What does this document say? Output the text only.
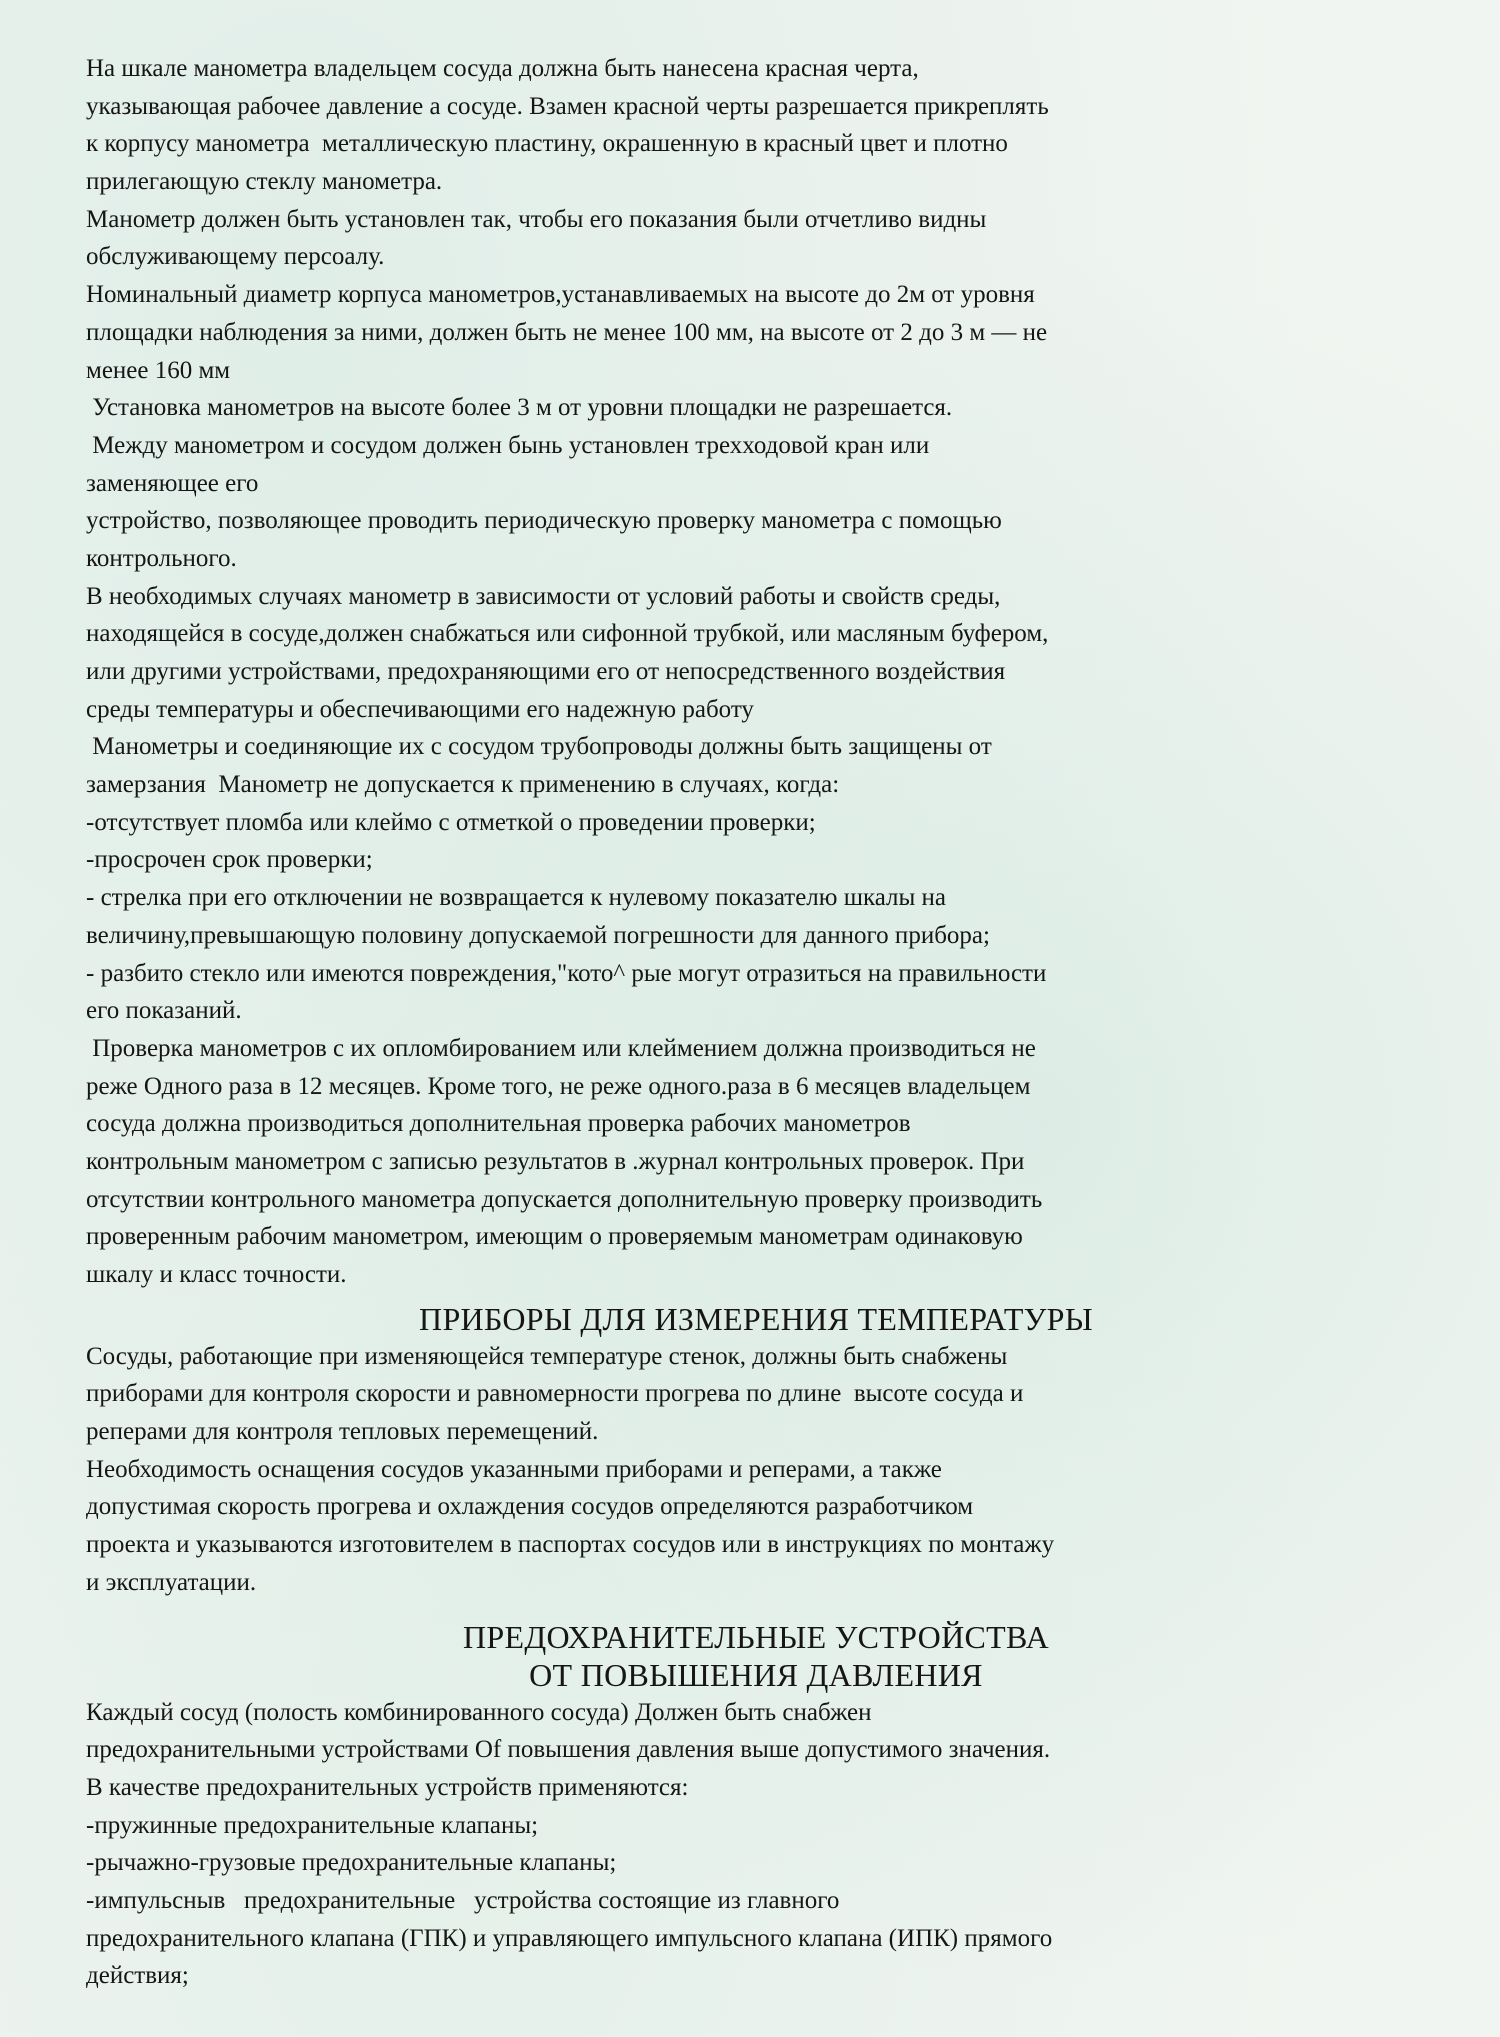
На шкале манометра владельцем сосуда должна быть нанесена красная черта,
указывающая рабочее давление а сосуде. Взамен красной черты разрешается прикреплять
к корпусу манометра  металлическую пластину, окрашенную в красный цвет и плотно
прилегающую стеклу манометра.
Манометр должен быть установлен так, чтобы его показания были отчетливо видны
обслуживающему персоалу.
Номинальный диаметр корпуса манометров,устанавливаемых на высоте до 2м от уровня
площадки наблюдения за ними, должен быть не менее 100 мм, на высоте от 2 до 3 м — не
менее 160 мм
Установка манометров на высоте более 3 м от уровни площадки не разрешается.
Между манометром и сосудом должен бынь установлен трехходовой кран или
заменяющее его
устройство, позволяющее проводить периодическую проверку манометра с помощью
контрольного.
В нeобходимых случаях манометр в зависимости от условий работы и свойств среды,
находящейся в сосуде,должен снабжаться или сифонной трубкой, или масляным буфером,
или другими устройствами, предохраняющими его от непосредственного воздействия
среды температуры и обеспечивающими его надежную работу
Манометры и соединяющие их с сосудом трубопроводы должны быть защищены от
замерзания  Манометр не допускается к применению в случаях, когда:
-отсутствует пломба или клеймо с отметкой о проведении проверки;
-просрочен срок проверки;
- стрелка при его отключении не возвращается к нулевому показателю шкалы на
величину,превышающую половину допускаемой погрешности для данного прибора;
- разбито стекло или имеются повреждения,"кото^ рые могут отразиться на правильности
его показаний.
Проверка манометров с их опломбированием или клеймением должна производиться не
реже Одного раза в 12 месяцев. Кроме того, не реже одного.раза в 6 месяцев владельцем
сосуда должна производиться дополнительная проверка рабочих манометров
контрольным манометром с записью результатов в .журнал контрольных проверок. При
отсутствии контрольного манометра допускается дополнительную проверку производить
проверенным рабочим манометром, имеющим о проверяемым манометрам одинаковую
шкалу и класс точности.
ПРИБОРЫ ДЛЯ ИЗМЕРЕНИЯ ТЕМПЕРАТУРЫ
Сосуды, работающие при изменяющейся температуре стенок, должны быть снабжены
приборами для контроля скорости и равномерности прогрева по длине  высоте сосуда и
реперами для контроля тепловых перемещений.
Необходимость оснащения сосудов указанными приборами и реперами, а также
допустимая скорость прогрева и охлаждения сосудов определяются разработчиком
проекта и указываются изготовителем в паспортах сосудов или в инструкциях по монтажу
и эксплуатации.
ПРЕДОХРАНИТЕЛЬНЫЕ УСТРОЙСТВА
ОТ ПОВЫШЕНИЯ ДАВЛЕНИЯ
Каждый сосуд (полость комбинированного сосуда) Должен быть снабжен
предохранительными устройствами Of повышения давления выше допустимого значения.
В качестве предохранительных устройств применяются:
-пружинные предохранительные клапаны;
-рычажно-грузовые предохранительные клапаны;
-импульсныв   предохранительные   устройства состоящие из главного
предохранительного клапана (ГПК) и управляющего импульсного клапана (ИПК) прямого
действия;
